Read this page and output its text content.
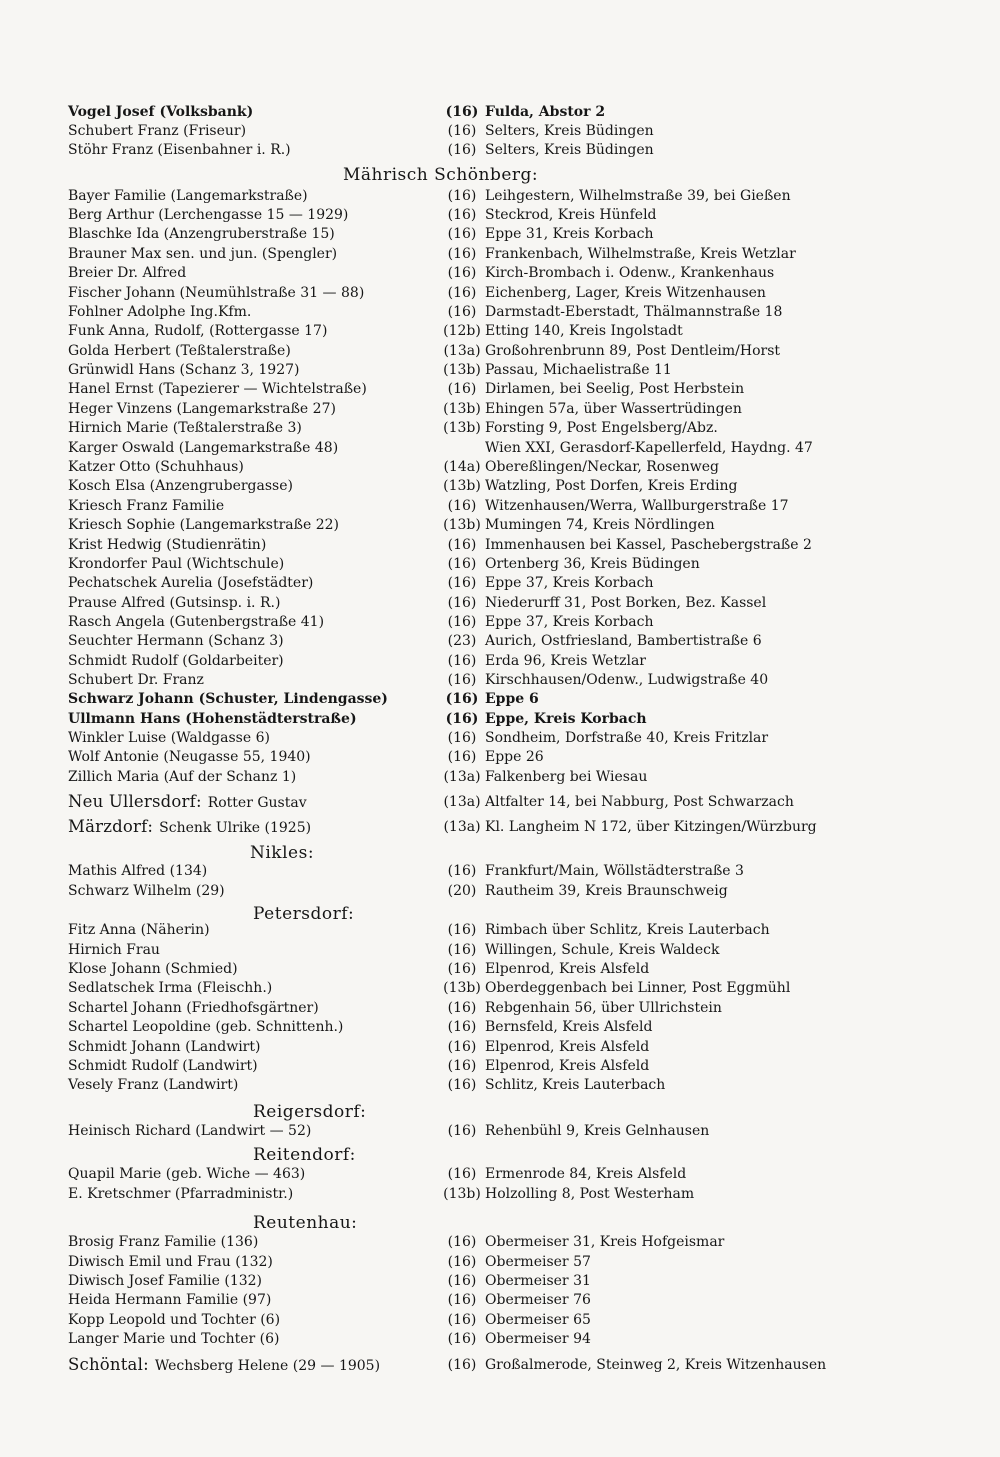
Vogel Josef (Volksbank)	(16) Fulda, Abstor 2
Schubert Franz (Friseur)	(16) Selters, Kreis Büdingen
Stöhr Franz (Eisenbahner i. R.)	(16) Selters, Kreis Büdingen
Mährisch Schönberg:
Bayer Familie (Langemarkstraße)	(16) Leihgestern, Wilhelmstraße 39, bei Gießen
Berg Arthur (Lerchengasse 15 — 1929)	(16) Steckrod, Kreis Hünfeld
Blaschke Ida (Anzengruberstraße 15)	(16) Eppe 31, Kreis Korbach
Brauner Max sen. und jun. (Spengler)	(16) Frankenbach, Wilhelmstraße, Kreis Wetzlar
Breier Dr. Alfred	(16) Kirch-Brombach i. Odenw., Krankenhaus
Fischer Johann (Neumühlstraße 31 — 88)	(16) Eichenberg, Lager, Kreis Witzenhausen
Fohlner Adolphe Ing.Kfm.	(16) Darmstadt-Eberstadt, Thälmannstraße 18
Funk Anna, Rudolf, (Rottergasse 17)	(12b) Etting 140, Kreis Ingolstadt
Golda Herbert (Teßtalerstraße)	(13a) Großohrenbrunn 89, Post Dentleim/Horst
Grünwidl Hans (Schanz 3, 1927)	(13b) Passau, Michaelistraße 11
Hanel Ernst (Tapezierer — Wichtelstraße)	(16) Dirlamen, bei Seelig, Post Herbstein
Heger Vinzens (Langemarkstraße 27)	(13b) Ehingen 57a, über Wassertrüdingen
Hirnich Marie (Teßtalerstraße 3)	(13b) Forsting 9, Post Engelsberg/Abz.
Karger Oswald (Langemarkstraße 48)	Wien XXI, Gerasdorf-Kapellerfeld, Haydng. 47
Katzer Otto (Schuhhaus)	(14a) Obereßlingen/Neckar, Rosenweg
Kosch Elsa (Anzengrubergasse)	(13b) Watzling, Post Dorfen, Kreis Erding
Kriesch Franz Familie	(16) Witzenhausen/Werra, Wallburgerstraße 17
Kriesch Sophie (Langemarkstraße 22)	(13b) Mumingen 74, Kreis Nördlingen
Krist Hedwig (Studienrätin)	(16) Immenhausen bei Kassel, Paschebergstraße 2
Krondorfer Paul (Wichtschule)	(16) Ortenberg 36, Kreis Büdingen
Pechatschek Aurelia (Josefstädter)	(16) Eppe 37, Kreis Korbach
Prause Alfred (Gutsinsp. i. R.)	(16) Niederurff 31, Post Borken, Bez. Kassel
Rasch Angela (Gutenbergstraße 41)	(16) Eppe 37, Kreis Korbach
Seuchter Hermann (Schanz 3)	(23) Aurich, Ostfriesland, Bambertistraße 6
Schmidt Rudolf (Goldarbeiter)	(16) Erda 96, Kreis Wetzlar
Schubert Dr. Franz	(16) Kirschhausen/Odenw., Ludwigstraße 40
Schwarz Johann (Schuster, Lindengasse)	(16) Eppe 6
Ullmann Hans (Hohenstädterstraße)	(16) Eppe, Kreis Korbach
Winkler Luise (Waldgasse 6)	(16) Sondheim, Dorfstraße 40, Kreis Fritzlar
Wolf Antonie (Neugasse 55, 1940)	(16) Eppe 26
Zillich Maria (Auf der Schanz 1)	(13a) Falkenberg bei Wiesau
Neu Ullersdorf: Rotter Gustav	(13a) Altfalter 14, bei Nabburg, Post Schwarzach
Märzdorf: Schenk Ulrike (1925)	(13a) Kl. Langheim N 172, über Kitzingen/Würzburg
Nikles:
Mathis Alfred (134)	(16) Frankfurt/Main, Wöllstädterstraße 3
Schwarz Wilhelm (29)	(20) Rautheim 39, Kreis Braunschweig
Petersdorf:
Fitz Anna (Näherin)	(16) Rimbach über Schlitz, Kreis Lauterbach
Hirnich Frau	(16) Willingen, Schule, Kreis Waldeck
Klose Johann (Schmied)	(16) Elpenrod, Kreis Alsfeld
Sedlatschek Irma (Fleischh.)	(13b) Oberdeggenbach bei Linner, Post Eggmühl
Schartel Johann (Friedhofsgärtner)	(16) Rebgenhain 56, über Ullrichstein
Schartel Leopoldine (geb. Schnittenh.)	(16) Bernsfeld, Kreis Alsfeld
Schmidt Johann (Landwirt)	(16) Elpenrod, Kreis Alsfeld
Schmidt Rudolf (Landwirt)	(16) Elpenrod, Kreis Alsfeld
Vesely Franz (Landwirt)	(16) Schlitz, Kreis Lauterbach
Reigersdorf:
Heinisch Richard (Landwirt — 52)	(16) Rehenbühl 9, Kreis Gelnhausen
Reitendorf:
Quapil Marie (geb. Wiche — 463)	(16) Ermenrode 84, Kreis Alsfeld
E. Kretschmer (Pfarradministr.)	(13b) Holzolling 8, Post Westerham
Reutenhau:
Brosig Franz Familie (136)	(16) Obermeiser 31, Kreis Hofgeismar
Diwisch Emil und Frau (132)	(16) Obermeiser 57
Diwisch Josef Familie (132)	(16) Obermeiser 31
Heida Hermann Familie (97)	(16) Obermeiser 76
Kopp Leopold und Tochter (6)	(16) Obermeiser 65
Langer Marie und Tochter (6)	(16) Obermeiser 94
Schöntal: Wechsberg Helene (29 — 1905)	(16) Großalmerode, Steinweg 2, Kreis Witzenhausen
